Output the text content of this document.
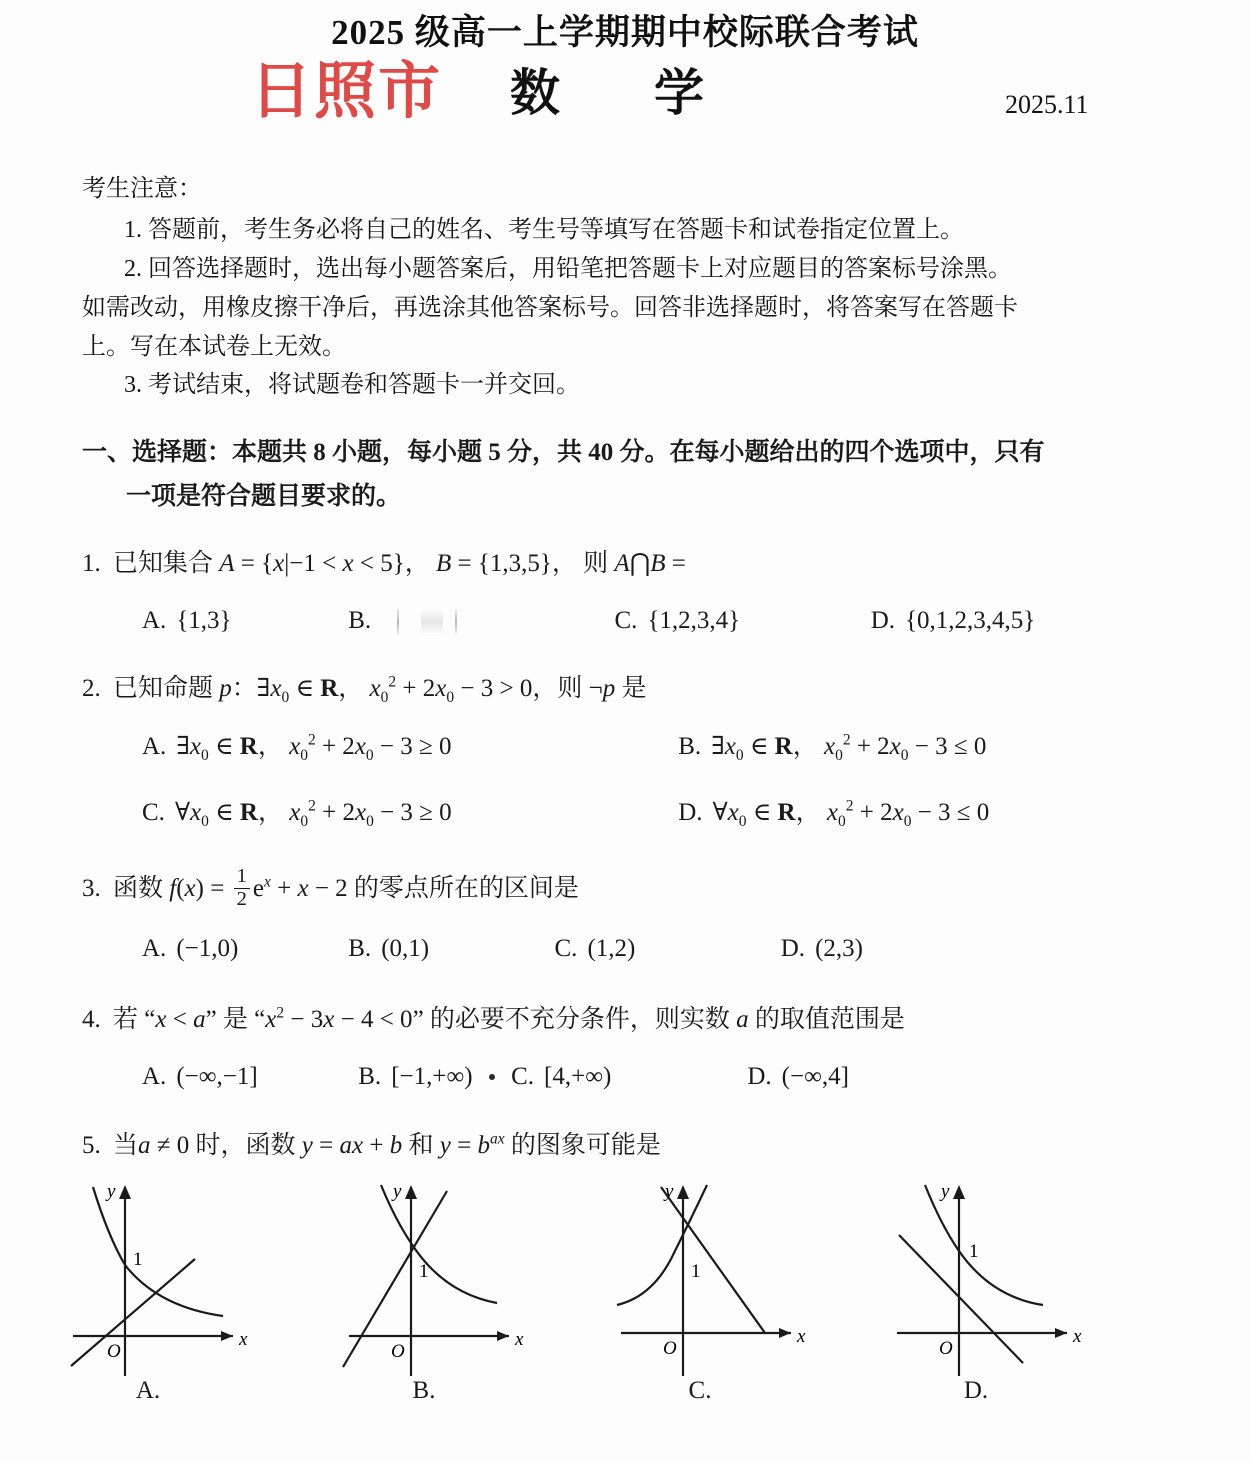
2025 级高一上学期期中校际联合考试
日照市 数　学	2025.11
考生注意：
1. 答题前，考生务必将自己的姓名、考生号等填写在答题卡和试卷指定位置上。
2. 回答选择题时，选出每小题答案后，用铅笔把答题卡上对应题目的答案标号涂黑。
如需改动，用橡皮擦干净后，再选涂其他答案标号。回答非选择题时，将答案写在答题卡
上。写在本试卷上无效。
3. 考试结束，将试题卷和答题卡一并交回。
一、选择题：本题共 8 小题，每小题 5 分，共 40 分。在每小题给出的四个选项中，只有
一项是符合题目要求的。
1. 已知集合 A = {x|−1 < x < 5}， B = {1,3,5}， 则 A⋂B =
A. {1,3}	B.	C. {1,2,3,4}	D. {0,1,2,3,4,5}
2. 已知命题 p：$\exists x_0$ ∈ R， $x_0^2 + 2x_0 - 3 > 0$，则 ¬p 是
A. $\exists x_0$ ∈ R， $x_0^2 + 2x_0 - 3 \ge 0$	B. $\exists x_0$ ∈ R， $x_0^2 + 2x_0 - 3 \le 0$
C. $\forall x_0$ ∈ R， $x_0^2 + 2x_0 - 3 \ge 0$	D. $\forall x_0$ ∈ R， $x_0^2 + 2x_0 - 3 \le 0$
3. 函数 $f(x) = \frac{1}{2} e^x + x - 2$ 的零点所在的区间是
A. (−1,0)	B. (0,1)	C. (1,2)	D. (2,3)
4. 若 “x < a” 是 “$x^2 - 3x - 4 < 0$” 的必要不充分条件，则实数 a 的取值范围是
A. (−∞,−1]	B. [−1,+∞) C. [4,+∞)	D. (−∞,4]
5. 当a ≠ 0 时，函数 y = ax + b 和 $y = b^{ax}$ 的图象可能是
x
y
O
1
A.
x
y
O
1
B.
x
y
O
1
C.
x
y
O
1
D.
